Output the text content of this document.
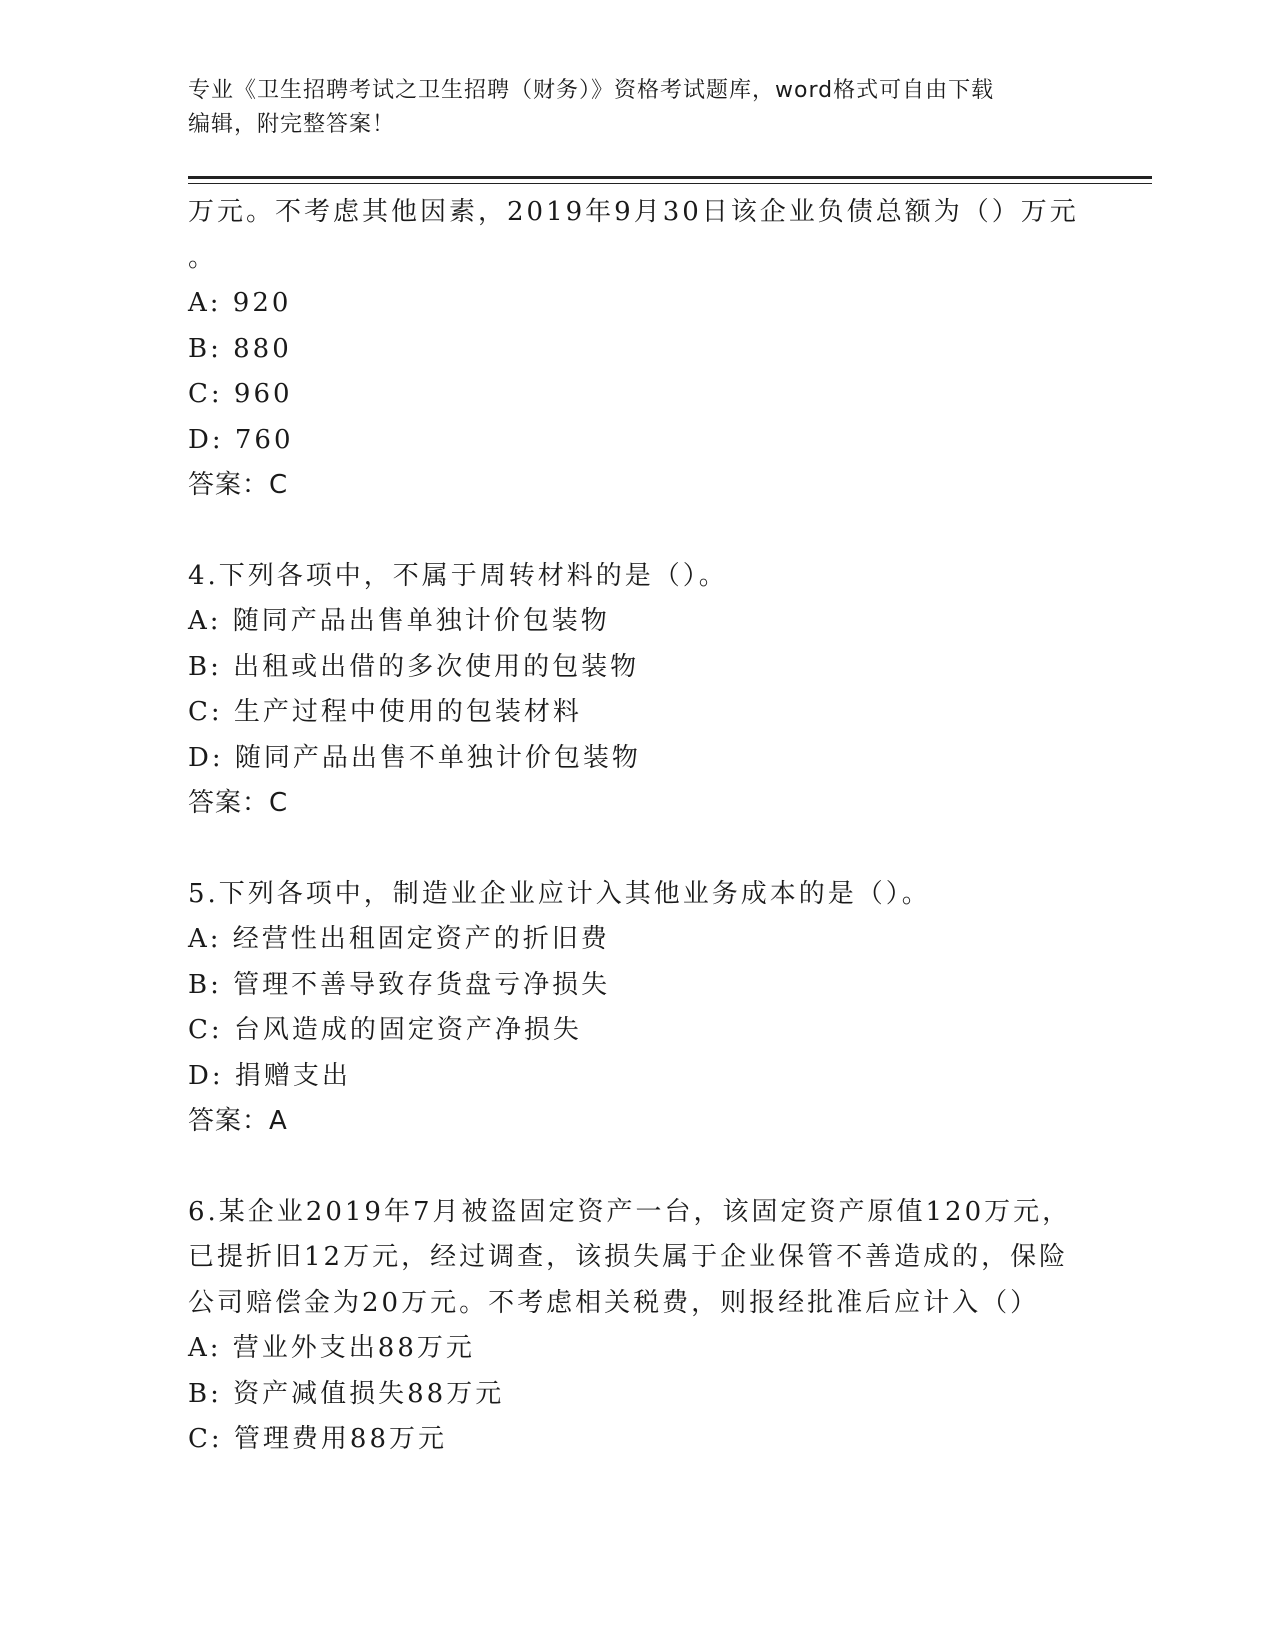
专业《卫生招聘考试之卫生招聘（财务）》资格考试题库，word格式可自由下载
编辑，附完整答案！
万元。不考虑其他因素，2019年9月30日该企业负债总额为（）万元
。
A: 920
B: 880
C: 960
D: 760
答案：C
4.下列各项中，不属于周转材料的是（）。
A: 随同产品出售单独计价包装物
B: 出租或出借的多次使用的包装物
C: 生产过程中使用的包装材料
D: 随同产品出售不单独计价包装物
答案：C
5.下列各项中，制造业企业应计入其他业务成本的是（）。
A: 经营性出租固定资产的折旧费
B: 管理不善导致存货盘亏净损失
C: 台风造成的固定资产净损失
D: 捐赠支出
答案：A
6.某企业2019年7月被盗固定资产一台，该固定资产原值120万元，
已提折旧12万元，经过调查，该损失属于企业保管不善造成的，保险
公司赔偿金为20万元。不考虑相关税费，则报经批准后应计入（）
A: 营业外支出88万元
B: 资产减值损失88万元
C: 管理费用88万元
